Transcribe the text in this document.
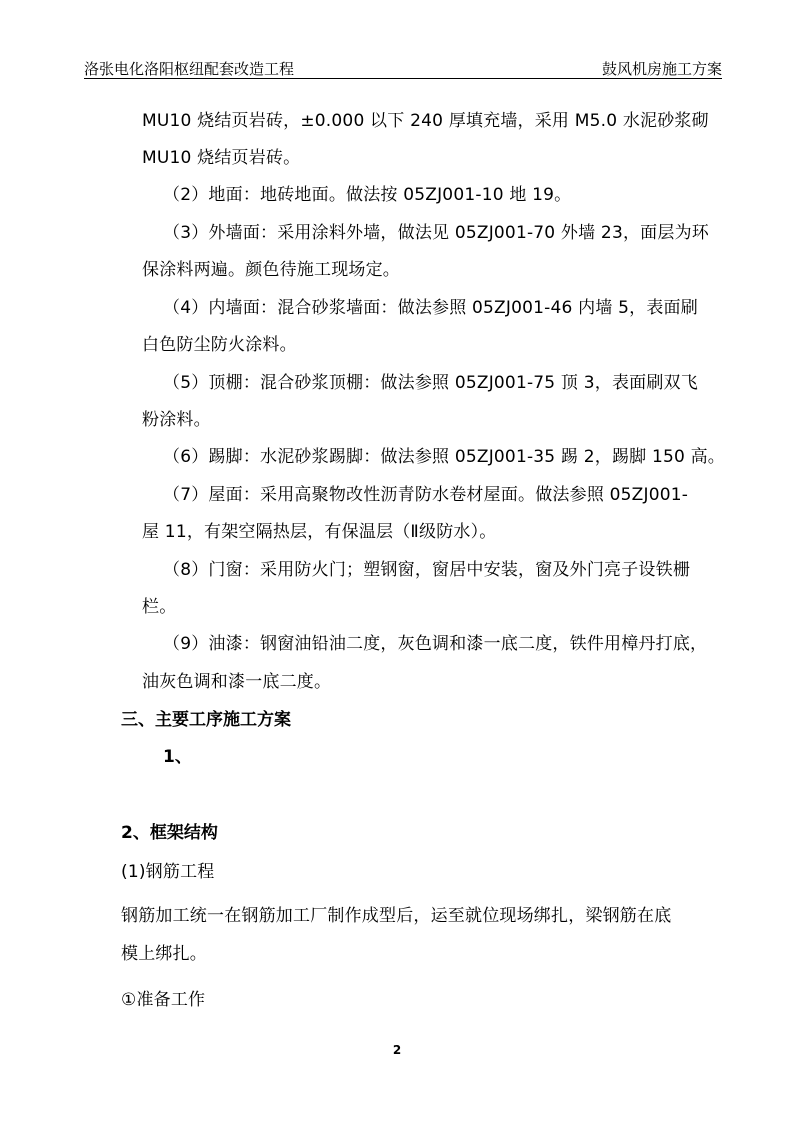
洛张电化洛阳枢纽配套改造工程	鼓风机房施工方案
MU10 烧结页岩砖，±0.000 以下 240 厚填充墙，采用 M5.0 水泥砂浆砌
MU10 烧结页岩砖。
（2）地面：地砖地面。做法按 05ZJ001-10 地 19。
（3）外墙面：采用涂料外墙，做法见 05ZJ001-70 外墙 23，面层为环
保涂料两遍。颜色待施工现场定。
（4）内墙面：混合砂浆墙面：做法参照 05ZJ001-46 内墙 5，表面刷
白色防尘防火涂料。
（5）顶棚：混合砂浆顶棚：做法参照 05ZJ001-75 顶 3，表面刷双飞
粉涂料。
（6）踢脚：水泥砂浆踢脚：做法参照 05ZJ001-35 踢 2，踢脚 150 高。
（7）屋面：采用高聚物改性沥青防水卷材屋面。做法参照 05ZJ001-
屋 11，有架空隔热层，有保温层（Ⅱ级防水）。
（8）门窗：采用防火门；塑钢窗，窗居中安装，窗及外门亮子设铁栅
栏。
（9）油漆：钢窗油铅油二度，灰色调和漆一底二度，铁件用樟丹打底，
油灰色调和漆一底二度。
三、主要工序施工方案
1、
2、框架结构
(1)钢筋工程
钢筋加工统一在钢筋加工厂制作成型后，运至就位现场绑扎，梁钢筋在底
模上绑扎。
①准备工作
2
